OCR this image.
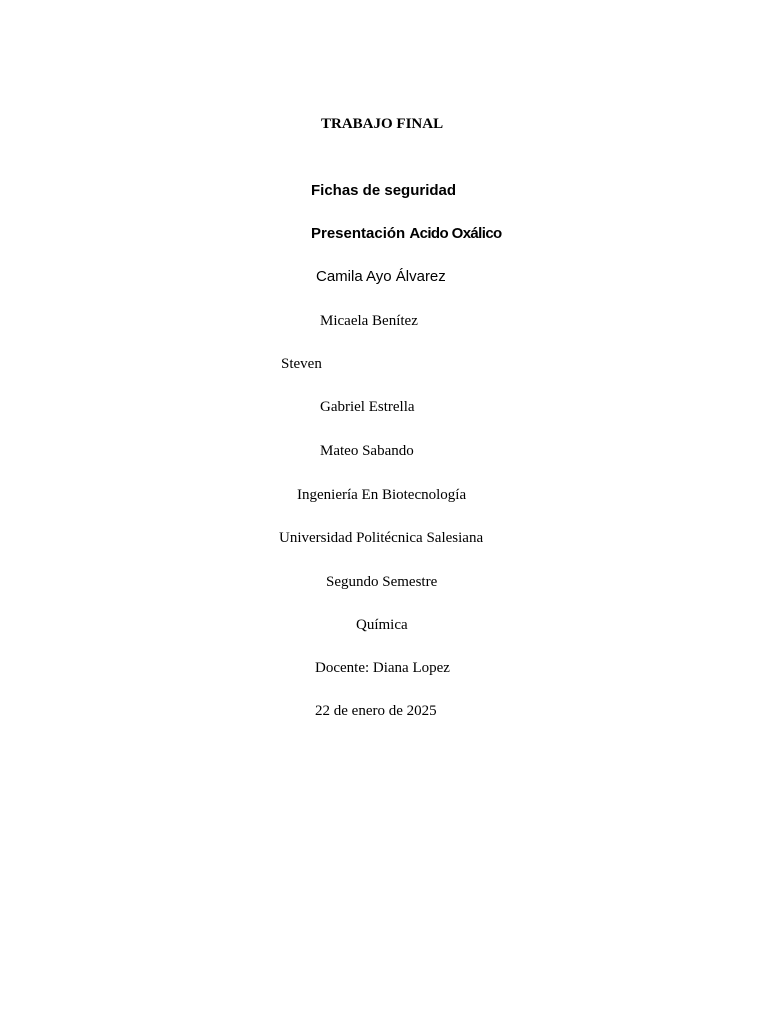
TRABAJO FINAL
Fichas de seguridad
Presentación Acido Oxálico
Camila Ayo Álvarez
Micaela Benítez
Steven
Gabriel Estrella
Mateo Sabando
Ingeniería En Biotecnología
Universidad Politécnica Salesiana
Segundo Semestre
Química
Docente: Diana Lopez
22 de enero de 2025
